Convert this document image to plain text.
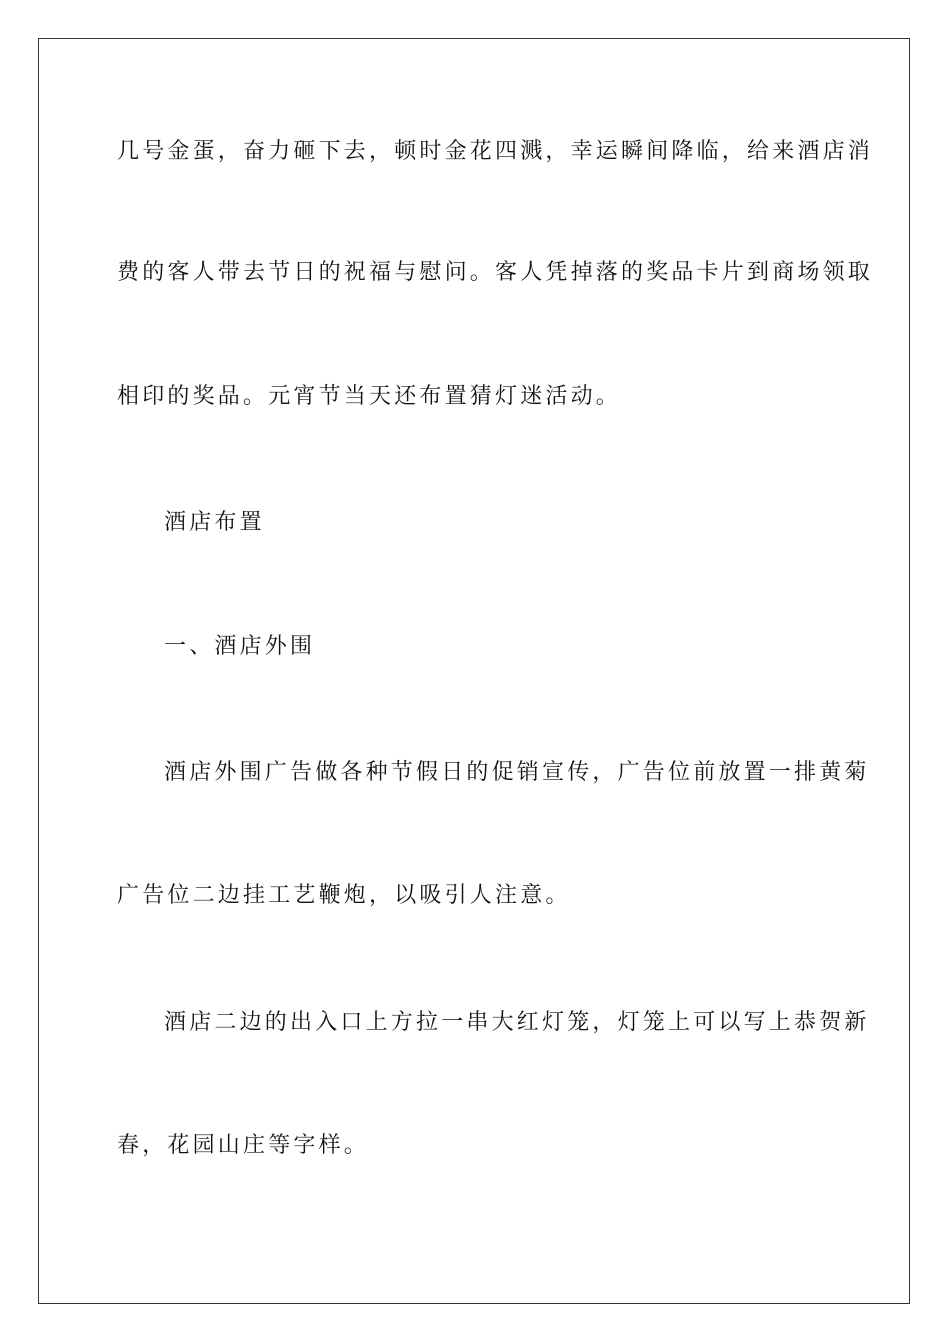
几号金蛋，奋力砸下去，顿时金花四溅，幸运瞬间降临，给来酒店消
费的客人带去节日的祝福与慰问。客人凭掉落的奖品卡片到商场领取
相印的奖品。元宵节当天还布置猜灯迷活动。
酒店布置
一、酒店外围
酒店外围广告做各种节假日的促销宣传，广告位前放置一排黄菊
广告位二边挂工艺鞭炮，以吸引人注意。
酒店二边的出入口上方拉一串大红灯笼，灯笼上可以写上恭贺新
春，花园山庄等字样。
